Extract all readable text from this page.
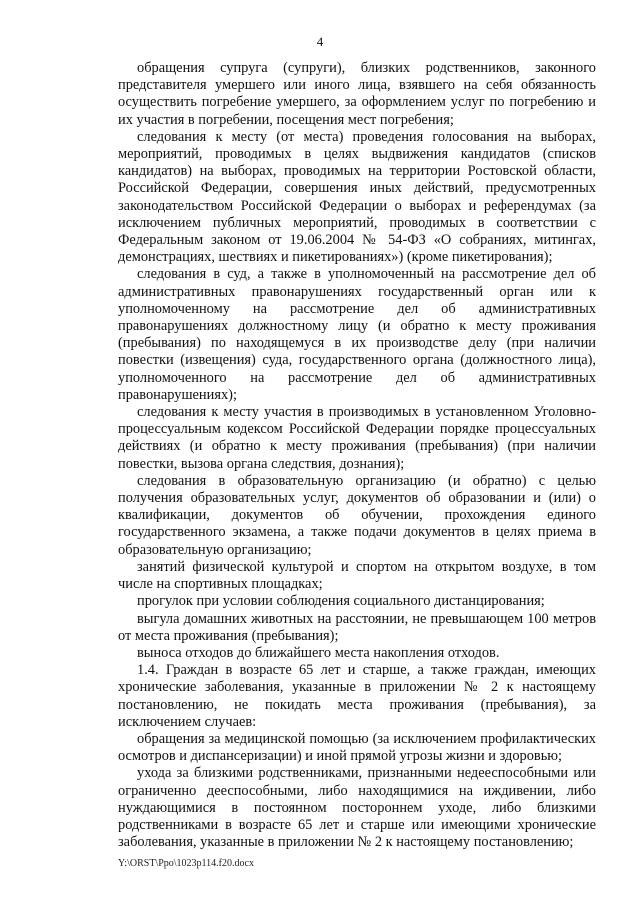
4

обращения супруга (супруги), близких родственников, законного представителя умершего или иного лица, взявшего на себя обязанность осуществить погребение умершего, за оформлением услуг по погребению и их участия в погребении, посещения мест погребения;

следования к месту (от места) проведения голосования на выборах, мероприятий, проводимых в целях выдвижения кандидатов (списков кандидатов) на выборах, проводимых на территории Ростовской области, Российской Федерации, совершения иных действий, предусмотренных законодательством Российской Федерации о выборах и референдумах (за исключением публичных мероприятий, проводимых в соответствии с Федеральным законом от 19.06.2004 № 54-ФЗ «О собраниях, митингах, демонстрациях, шествиях и пикетированиях») (кроме пикетирования);

следования в суд, а также в уполномоченный на рассмотрение дел об административных правонарушениях государственный орган или к уполномоченному на рассмотрение дел об административных правонарушениях должностному лицу (и обратно к месту проживания (пребывания) по находящемуся в их производстве делу (при наличии повестки (извещения) суда, государственного органа (должностного лица), уполномоченного на рассмотрение дел об административных правонарушениях);

следования к месту участия в производимых в установленном Уголовно-процессуальным кодексом Российской Федерации порядке процессуальных действиях (и обратно к месту проживания (пребывания) (при наличии повестки, вызова органа следствия, дознания);

следования в образовательную организацию (и обратно) с целью получения образовательных услуг, документов об образовании и (или) о квалификации, документов об обучении, прохождения единого государственного экзамена, а также подачи документов в целях приема в образовательную организацию;

занятий физической культурой и спортом на открытом воздухе, в том числе на спортивных площадках;

прогулок при условии соблюдения социального дистанцирования;

выгула домашних животных на расстоянии, не превышающем 100 метров от места проживания (пребывания);

выноса отходов до ближайшего места накопления отходов.

1.4. Граждан в возрасте 65 лет и старше, а также граждан, имеющих хронические заболевания, указанные в приложении № 2 к настоящему постановлению, не покидать места проживания (пребывания), за исключением случаев:

обращения за медицинской помощью (за исключением профилактических осмотров и диспансеризации) и иной прямой угрозы жизни и здоровью;

ухода за близкими родственниками, признанными недееспособными или ограниченно дееспособными, либо находящимися на иждивении, либо нуждающимися в постоянном постороннем уходе, либо близкими родственниками в возрасте 65 лет и старше или имеющими хронические заболевания, указанные в приложении № 2 к настоящему постановлению;

Y:\ORST\Ppo\1023p114.f20.docx
